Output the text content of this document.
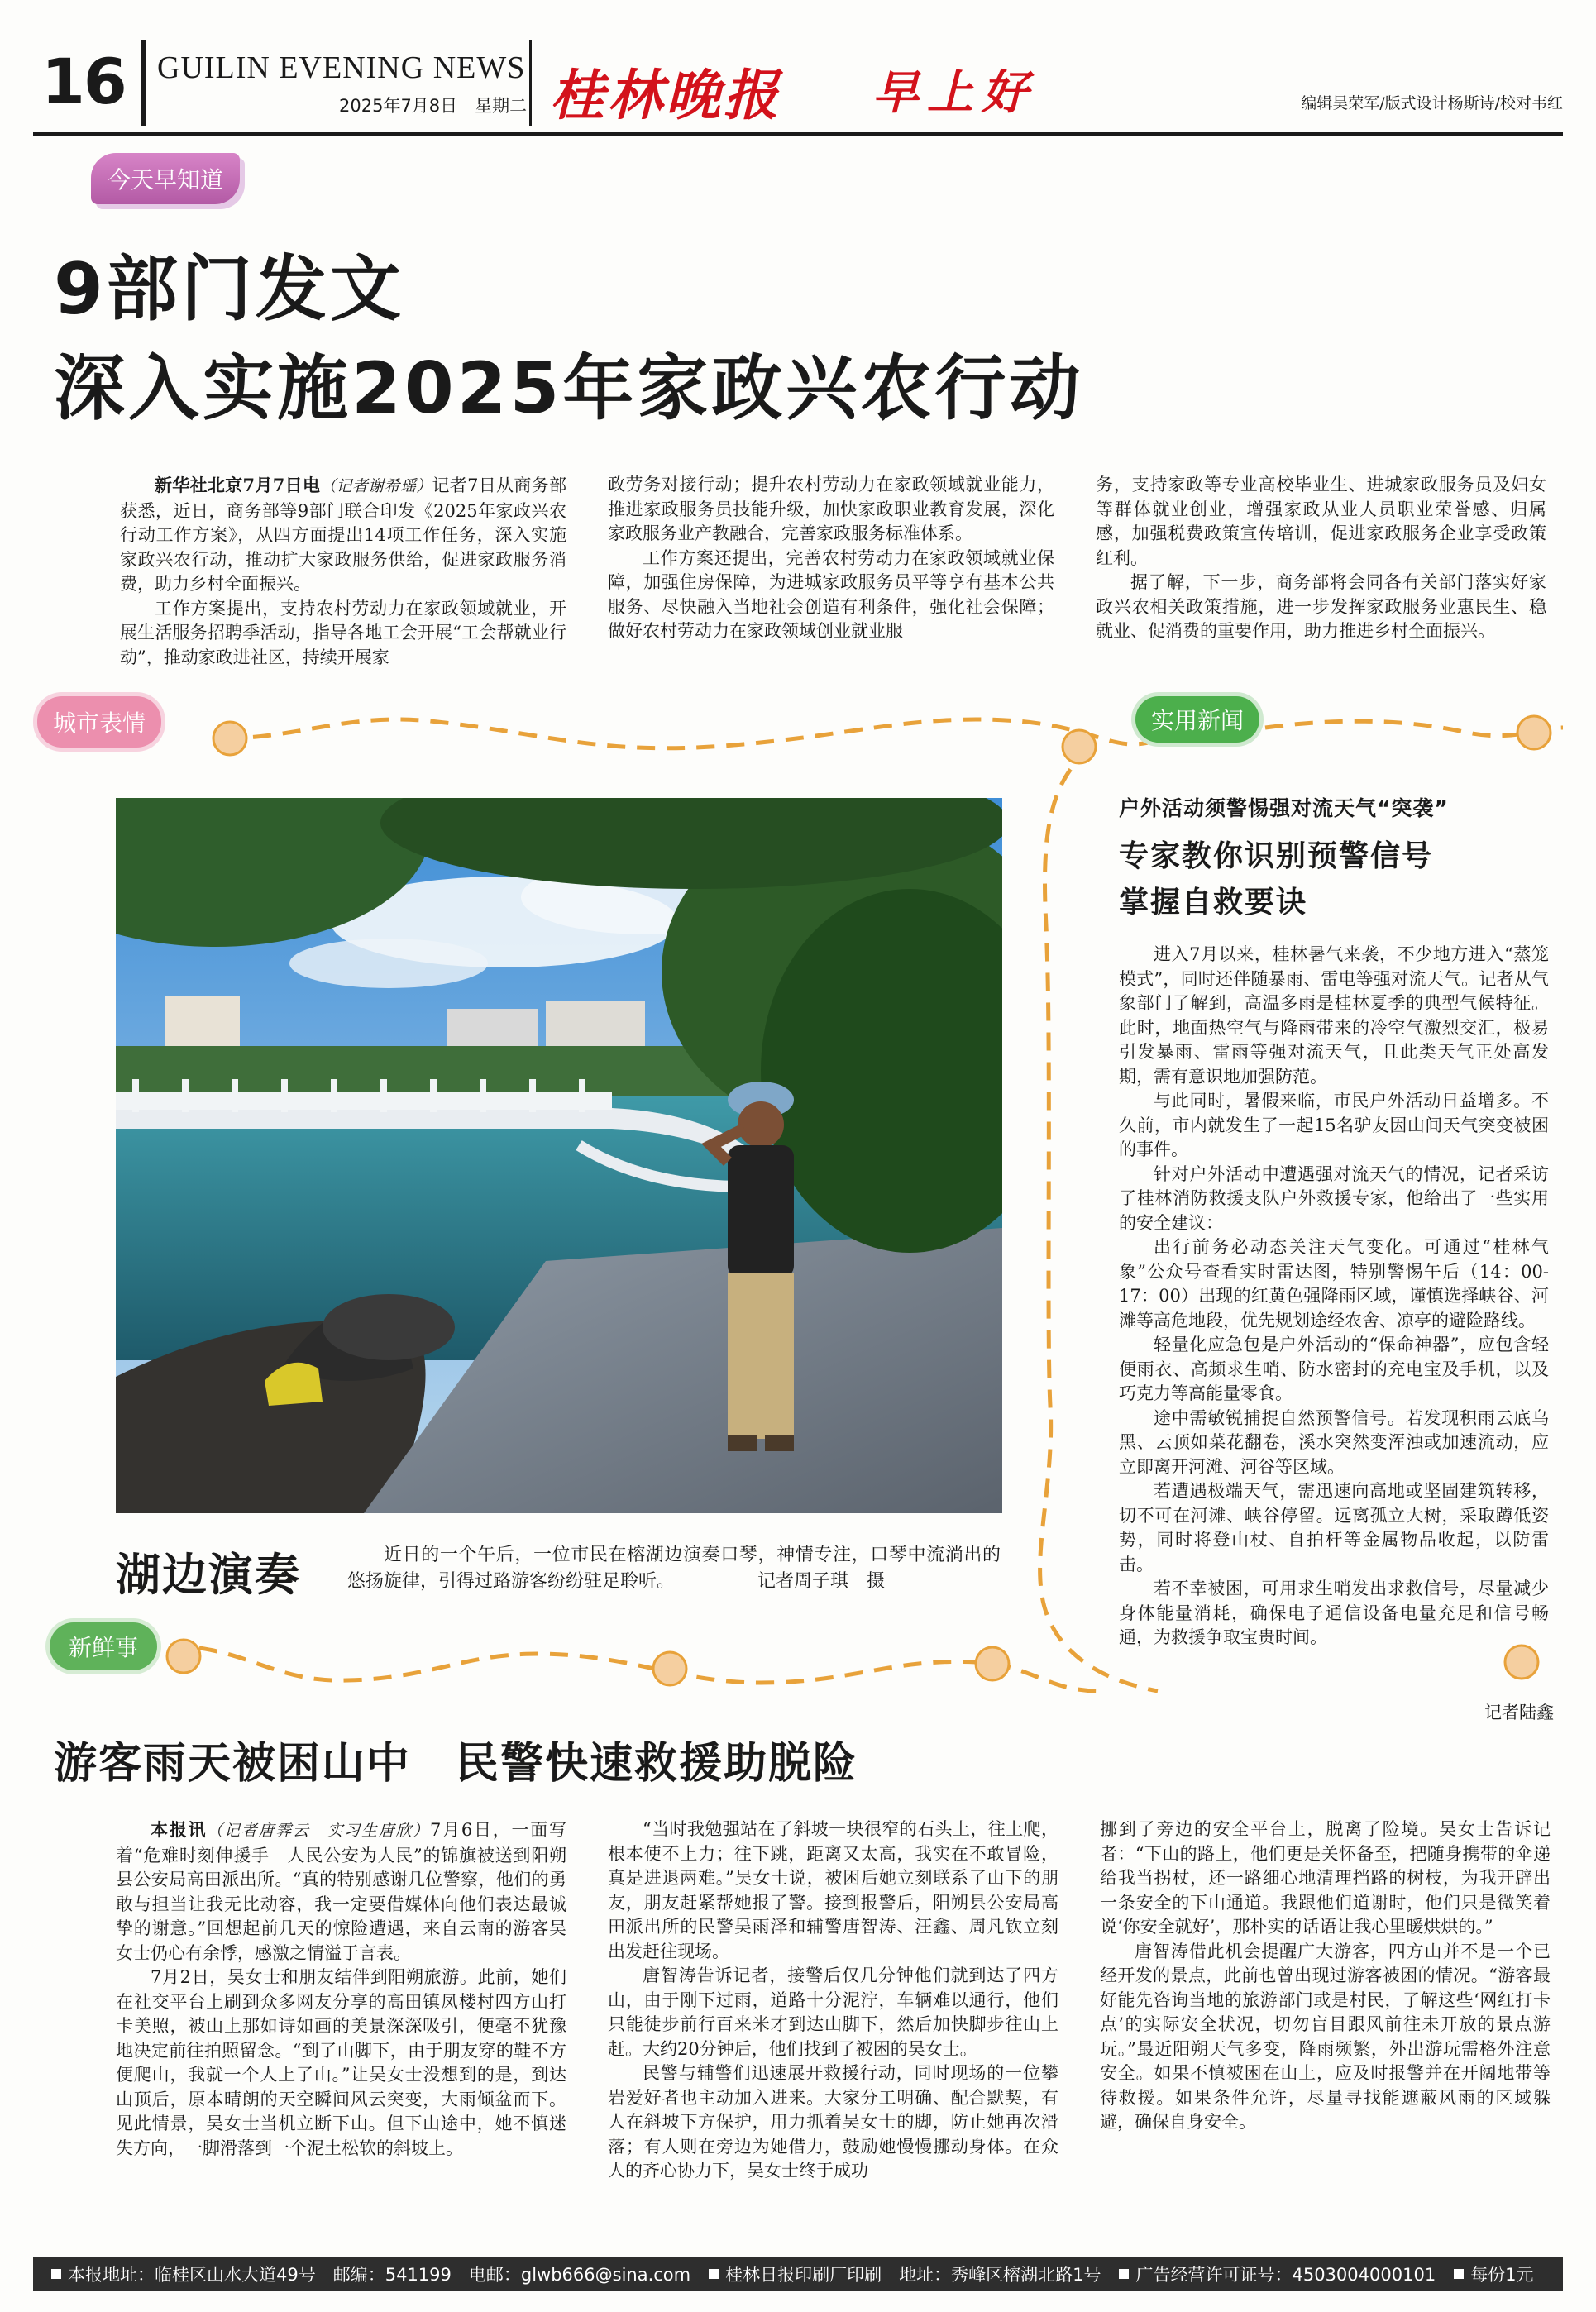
16 GUILIN EVENING NEWS
2025年7月8日　星期二 桂林晚报 早上好	编辑吴荣军/版式设计杨斯诗/校对韦红
今天早知道
城市表情	实用新闻
新鲜事
9部门发文
深入实施2025年家政兴农行动

新华社北京7月7日电（记者谢希瑶）记者7日从商务部获悉，近日，商务部等9部门联合印发《2025年家政兴农行动工作方案》，从四方面提出14项工作任务，深入实施家政兴农行动，推动扩大家政服务供给，促进家政服务消费，助力乡村全面振兴。

工作方案提出，支持农村劳动力在家政领域就业，开展生活服务招聘季活动，指导各地工会开展“工会帮就业行动”，推动家政进社区，持续开展家

政劳务对接行动；提升农村劳动力在家政领域就业能力，推进家政服务员技能升级，加快家政职业教育发展，深化家政服务业产教融合，完善家政服务标准体系。

工作方案还提出，完善农村劳动力在家政领域就业保障，加强住房保障，为进城家政服务员平等享有基本公共服务、尽快融入当地社会创造有利条件，强化社会保障；做好农村劳动力在家政领域创业就业服

务，支持家政等专业高校毕业生、进城家政服务员及妇女等群体就业创业，增强家政从业人员职业荣誉感、归属感，加强税费政策宣传培训，促进家政服务企业享受政策红利。

据了解，下一步，商务部将会同各有关部门落实好家政兴农相关政策措施，进一步发挥家政服务业惠民生、稳就业、促消费的重要作用，助力推进乡村全面振兴。

湖边演奏	近日的一个午后，一位市民在榕湖边演奏口琴，神情专注，口琴中流淌出的悠扬旋律，引得过路游客纷纷驻足聆听。	记者周子琪　摄
户外活动须警惕强对流天气“突袭”
专家教你识别预警信号
掌握自救要诀

进入7月以来，桂林暑气来袭，不少地方进入“蒸笼模式”，同时还伴随暴雨、雷电等强对流天气。记者从气象部门了解到，高温多雨是桂林夏季的典型气候特征。此时，地面热空气与降雨带来的冷空气激烈交汇，极易引发暴雨、雷雨等强对流天气，且此类天气正处高发期，需有意识地加强防范。

与此同时，暑假来临，市民户外活动日益增多。不久前，市内就发生了一起15名驴友因山间天气突变被困的事件。

针对户外活动中遭遇强对流天气的情况，记者采访了桂林消防救援支队户外救援专家，他给出了一些实用的安全建议：

出行前务必动态关注天气变化。可通过“桂林气象”公众号查看实时雷达图，特别警惕午后（14：00-17：00）出现的红黄色强降雨区域，谨慎选择峡谷、河滩等高危地段，优先规划途经农舍、凉亭的避险路线。

轻量化应急包是户外活动的“保命神器”，应包含轻便雨衣、高频求生哨、防水密封的充电宝及手机，以及巧克力等高能量零食。

途中需敏锐捕捉自然预警信号。若发现积雨云底乌黑、云顶如菜花翻卷，溪水突然变浑浊或加速流动，应立即离开河滩、河谷等区域。

若遭遇极端天气，需迅速向高地或坚固建筑转移，切不可在河滩、峡谷停留。远离孤立大树，采取蹲低姿势，同时将登山杖、自拍杆等金属物品收起，以防雷击。

若不幸被困，可用求生哨发出求救信号，尽量减少身体能量消耗，确保电子通信设备电量充足和信号畅通，为救援争取宝贵时间。

记者陆鑫
游客雨天被困山中　民警快速救援助脱险

本报讯（记者唐霁云　实习生唐欣）7月6日，一面写着“危难时刻伸援手　人民公安为人民”的锦旗被送到阳朔县公安局高田派出所。“真的特别感谢几位警察，他们的勇敢与担当让我无比动容，我一定要借媒体向他们表达最诚挚的谢意。”回想起前几天的惊险遭遇，来自云南的游客吴女士仍心有余悸，感激之情溢于言表。

7月2日，吴女士和朋友结伴到阳朔旅游。此前，她们在社交平台上刷到众多网友分享的高田镇凤楼村四方山打卡美照，被山上那如诗如画的美景深深吸引，便毫不犹豫地决定前往拍照留念。“到了山脚下，由于朋友穿的鞋不方便爬山，我就一个人上了山。”让吴女士没想到的是，到达山顶后，原本晴朗的天空瞬间风云突变，大雨倾盆而下。见此情景，吴女士当机立断下山。但下山途中，她不慎迷失方向，一脚滑落到一个泥土松软的斜坡上。

“当时我勉强站在了斜坡一块很窄的石头上，往上爬，根本使不上力；往下跳，距离又太高，我实在不敢冒险，真是进退两难。”吴女士说，被困后她立刻联系了山下的朋友，朋友赶紧帮她报了警。接到报警后，阳朔县公安局高田派出所的民警吴雨泽和辅警唐智涛、汪鑫、周凡钦立刻出发赶往现场。

唐智涛告诉记者，接警后仅几分钟他们就到达了四方山，由于刚下过雨，道路十分泥泞，车辆难以通行，他们只能徒步前行百来米才到达山脚下，然后加快脚步往山上赶。大约20分钟后，他们找到了被困的吴女士。

民警与辅警们迅速展开救援行动，同时现场的一位攀岩爱好者也主动加入进来。大家分工明确、配合默契，有人在斜坡下方保护，用力抓着吴女士的脚，防止她再次滑落；有人则在旁边为她借力，鼓励她慢慢挪动身体。在众人的齐心协力下，吴女士终于成功

挪到了旁边的安全平台上，脱离了险境。吴女士告诉记者：“下山的路上，他们更是关怀备至，把随身携带的伞递给我当拐杖，还一路细心地清理挡路的树枝，为我开辟出一条安全的下山通道。我跟他们道谢时，他们只是微笑着说‘你安全就好’，那朴实的话语让我心里暖烘烘的。”

唐智涛借此机会提醒广大游客，四方山并不是一个已经开发的景点，此前也曾出现过游客被困的情况。“游客最好能先咨询当地的旅游部门或是村民，了解这些‘网红打卡点’的实际安全状况，切勿盲目跟风前往未开放的景点游玩。”最近阳朔天气多变，降雨频繁，外出游玩需格外注意安全。如果不慎被困在山上，应及时报警并在开阔地带等待救援。如果条件允许，尽量寻找能遮蔽风雨的区域躲避，确保自身安全。

本报地址：临桂区山水大道49号　邮编：541199　电邮：glwb666@sina.com 桂林日报印刷厂印刷　地址：秀峰区榕湖北路1号 广告经营许可证号：4503004000101 每份1元
